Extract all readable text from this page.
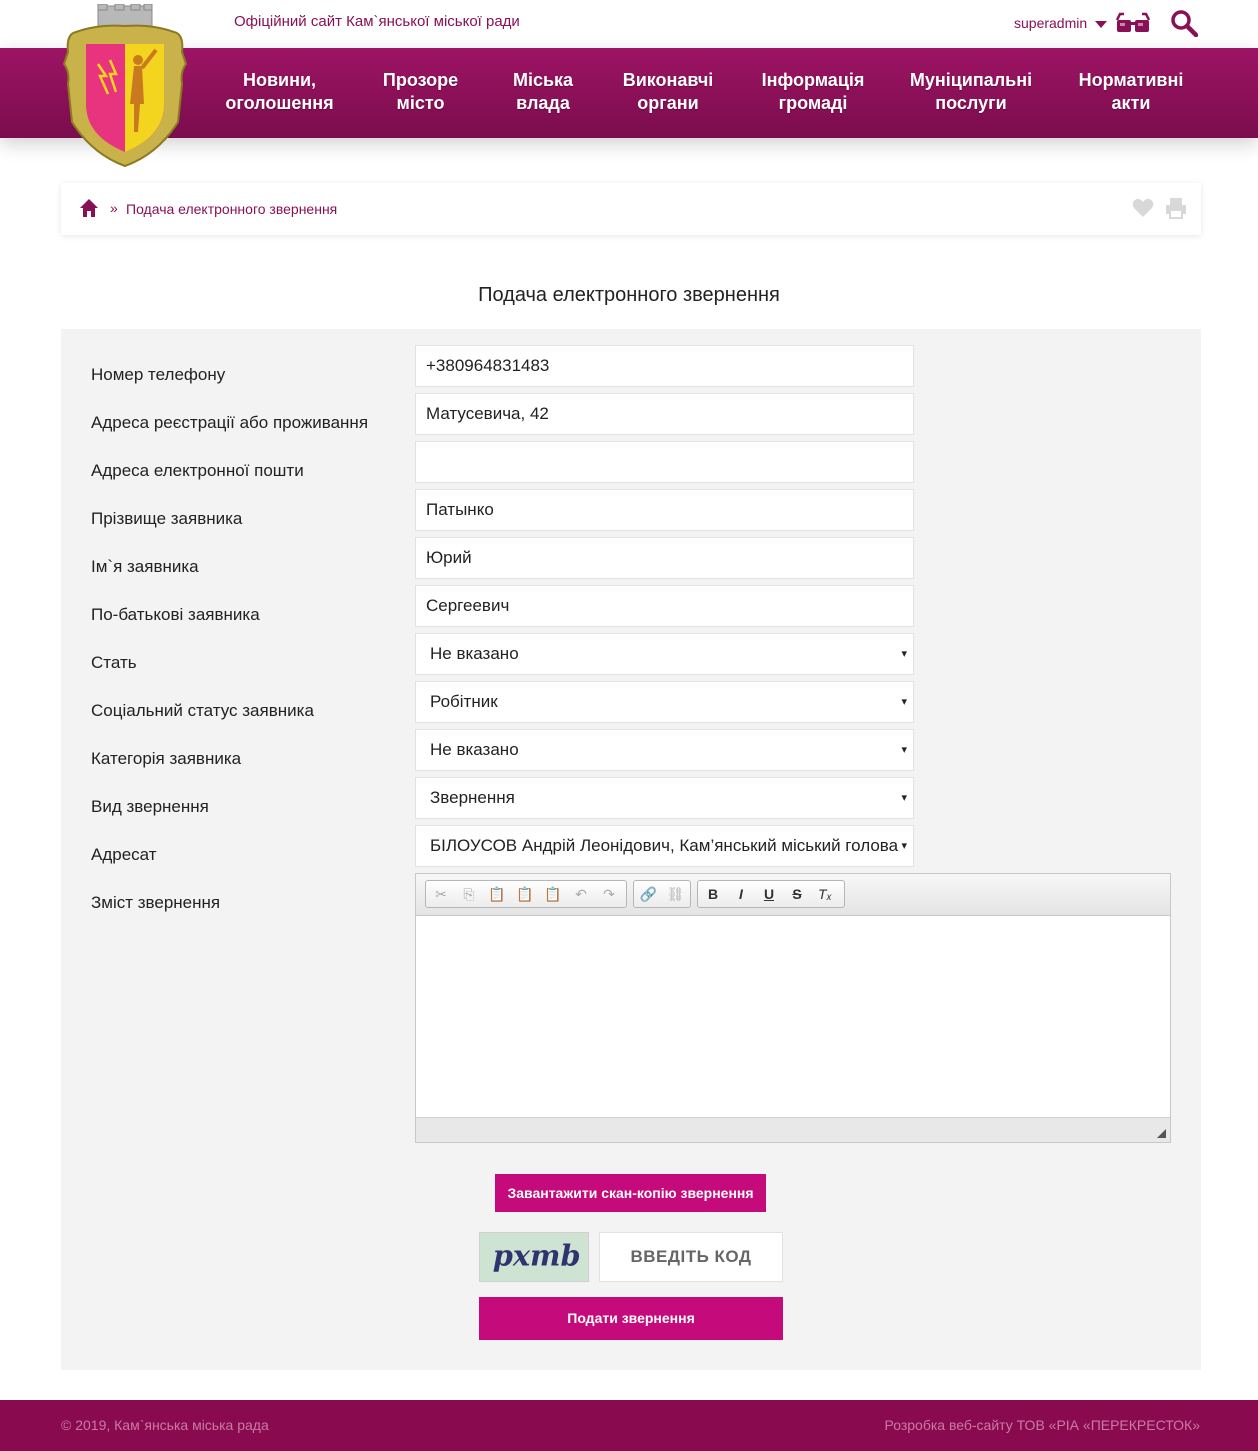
Офіційний сайт Кам`янської міської ради	superadmin
Новини,
оголошення
Прозоре
місто
Міська
влада
Виконавчі
органи
Інформація
громаді
Муніципальні
послуги
Нормативні
акти
» Подача електронного звернення
Подача електронного звернення
Номер телефону	+380964831483
Адреса реєстрації або проживання	Матусевича, 42
Адреса електронної пошти
Прізвище заявника	Патынко
Ім`я заявника	Юрий
По-батькові заявника	Сергеевич
Стать	Не вказано	▾
Соціальний статус заявника	Робітник	▾
Категорія заявника	Не вказано	▾
Вид звернення	Звернення	▾
Адресат	БІЛОУСОВ Андрій Леонідович, Кам’янський міський голова ▾
Зміст звернення	✂	⎘ 📋 📋 📋 ↶	↷	🔗 ⛓	B	I	U	S	Tₓ
Завантажити скан-копію звернення
pxmb	ВВЕДІТЬ КОД
Подати звернення
© 2019, Кам`янська міська рада	Розробка веб-сайту ТОВ «РІА «ПЕРЕКРЕСТОК»
